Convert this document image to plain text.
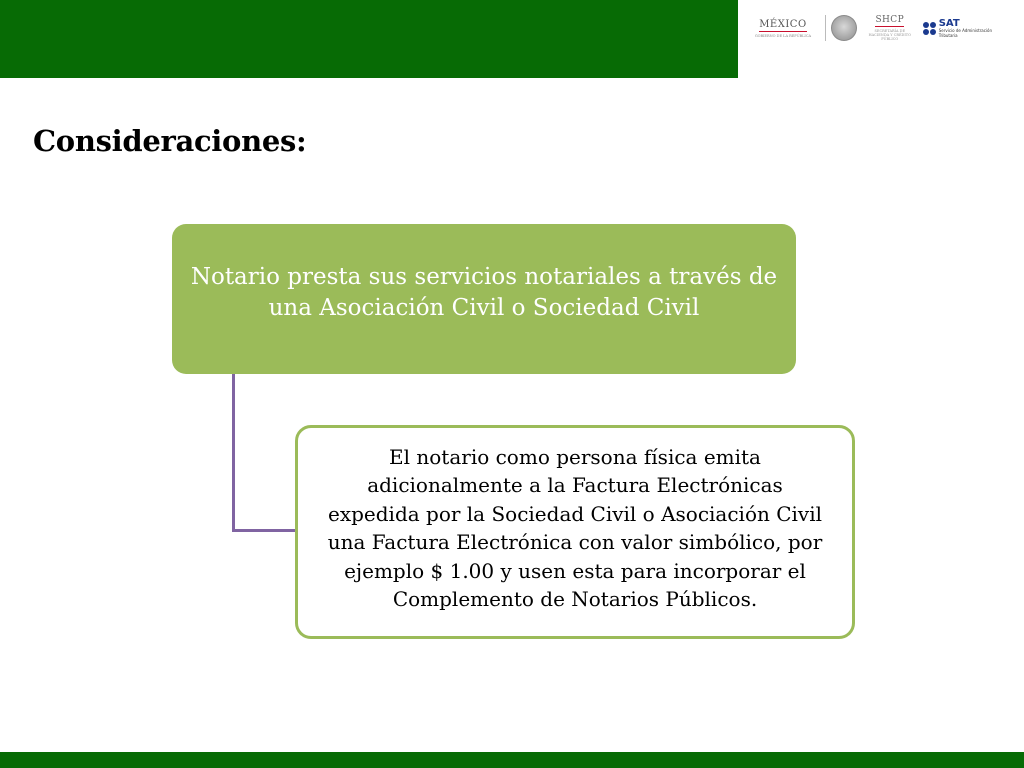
MÉXICO
GOBIERNO DE LA REPÚBLICA
SHCP
SECRETARÍA DE HACIENDA Y CRÉDITO PÚBLICO
SAT
Servicio de Administración Tributaria
Consideraciones:
Notario presta sus servicios notariales a través de una Asociación Civil o Sociedad Civil
El notario como persona física emita
adicionalmente a la Factura Electrónicas
expedida por la Sociedad Civil o Asociación Civil
una Factura Electrónica con valor simbólico, por
ejemplo $ 1.00 y usen esta para incorporar el
Complemento de Notarios Públicos.
